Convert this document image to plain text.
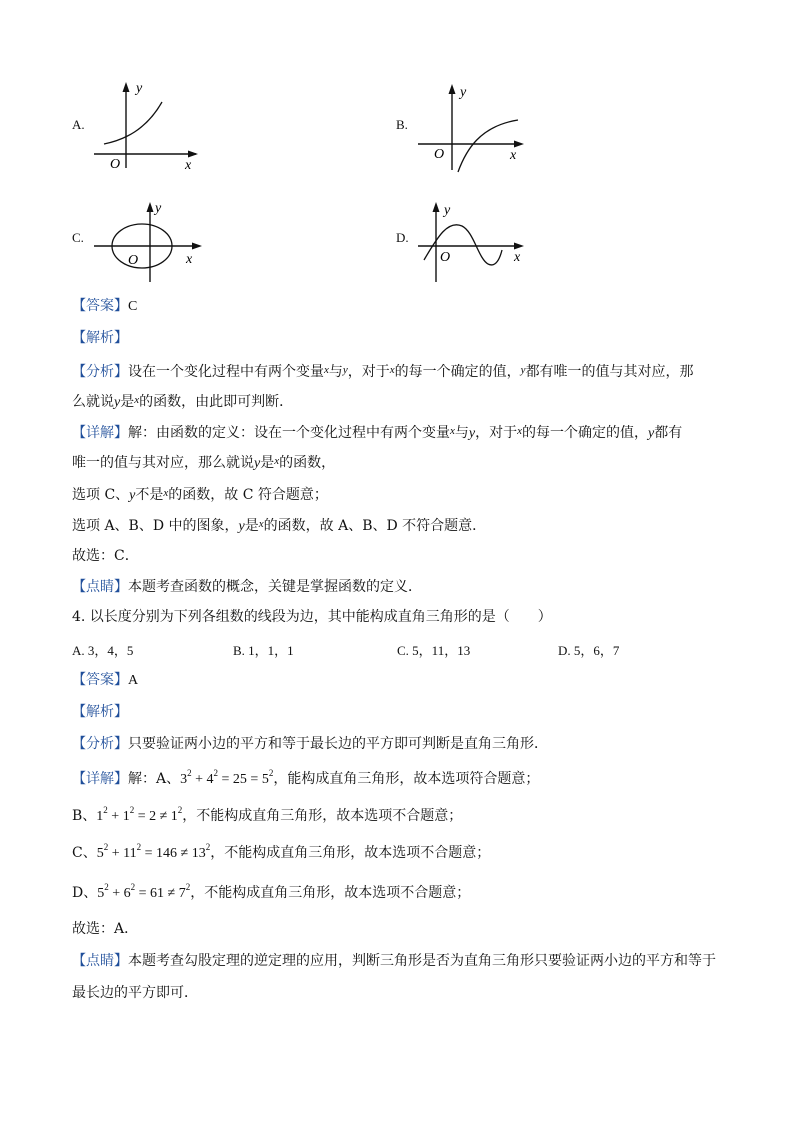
A.
y
x
O
B.
y
x
O
C.
y
x
O
D.
y
x
O
【答案】C
【解析】
【分析】设在一个变化过程中有两个变量$^x$与$^y$，对于$^x$的每一个确定的值，$^y$都有唯一的值与其对应，那
么就说y是$^x$的函数，由此即可判断．
【详解】解：由函数的定义：设在一个变化过程中有两个变量$^x$与y，对于$^x$的每一个确定的值，y都有
唯一的值与其对应，那么就说y是$^x$的函数，
选项 C、y不是$^x$的函数，故 C 符合题意；
选项 A、B、D 中的图象，y是$^x$的函数，故 A、B、D 不符合题意．
故选：C．
【点睛】本题考查函数的概念，关键是掌握函数的定义．
4. 以长度分别为下列各组数的线段为边，其中能构成直角三角形的是（　　）
A. 3，4，5	B. 1，1，1	C. 5，11，13	D. 5，6，7
【答案】A
【解析】
【分析】只要验证两小边的平方和等于最长边的平方即可判断是直角三角形．
【详解】解：A、$3^2 + 4^2 = 25 = 5^2$，能构成直角三角形，故本选项符合题意；
B、$1^2 + 1^2 = 2 \ne 1^2$，不能构成直角三角形，故本选项不合题意；
C、$5^2 + 11^2 = 146 \ne 13^2$，不能构成直角三角形，故本选项不合题意；
D、$5^2 + 6^2 = 61 \ne 7^2$，不能构成直角三角形，故本选项不合题意；
故选：A．
【点睛】本题考查勾股定理的逆定理的应用，判断三角形是否为直角三角形只要验证两小边的平方和等于
最长边的平方即可．
